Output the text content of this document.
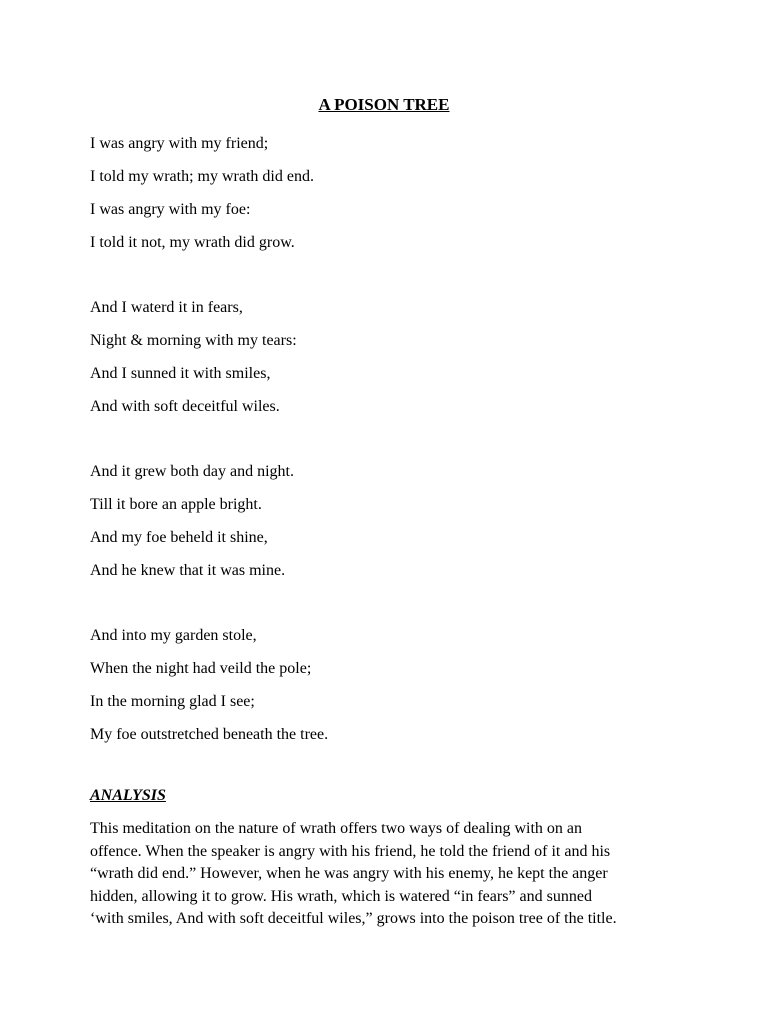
A POISON TREE
I was angry with my friend;
I told my wrath; my wrath did end.
I was angry with my foe:
I told it not, my wrath did grow.
And I waterd it in fears,
Night & morning with my tears:
And I sunned it with smiles,
And with soft deceitful wiles.
And it grew both day and night.
Till it bore an apple bright.
And my foe beheld it shine,
And he knew that it was mine.
And into my garden stole,
When the night had veild the pole;
In the morning glad I see;
My foe outstretched beneath the tree.
ANALYSIS
This meditation on the nature of wrath offers two ways of dealing with on an
offence. When the speaker is angry with his friend, he told the friend of it and his
“wrath did end.” However, when he was angry with his enemy, he kept the anger
hidden, allowing it to grow. His wrath, which is watered “in fears” and sunned
‘with smiles, And with soft deceitful wiles,” grows into the poison tree of the title.
